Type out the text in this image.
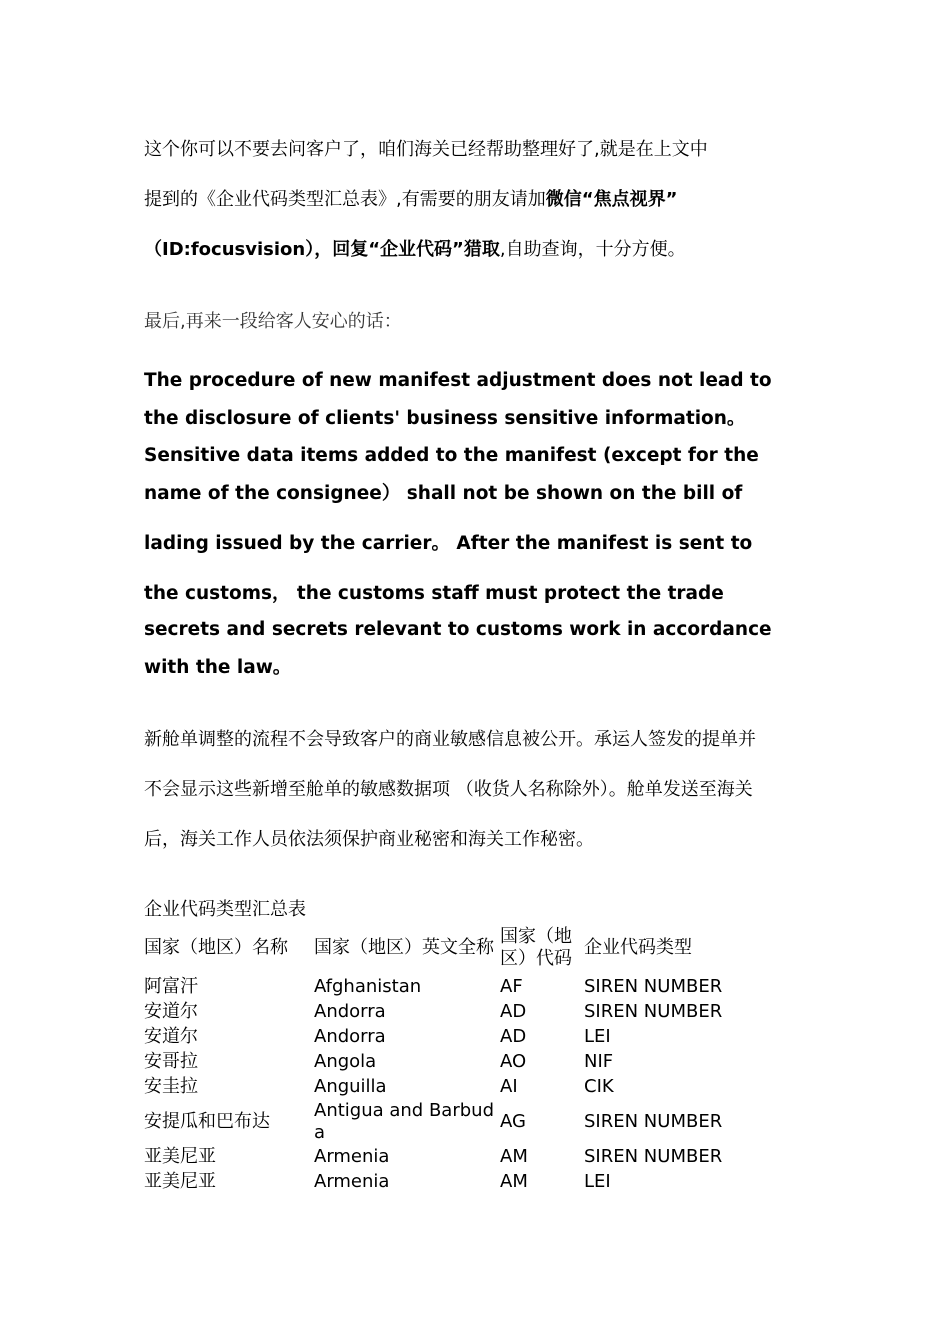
这个你可以不要去问客户了，咱们海关已经帮助整理好了,就是在上文中
提到的《企业代码类型汇总表》,有需要的朋友请加微信“焦点视界”
（ID:focusvision），回复“企业代码”猎取,自助查询，十分方便。
最后,再来一段给客人安心的话：
The procedure of new manifest adjustment does not lead to
the disclosure of clients' business sensitive information。
Sensitive data items added to the manifest (except for the
name of the consignee） shall not be shown on the bill of
lading issued by the carrier。 After the manifest is sent to
the customs， the customs staff must protect the trade
secrets and secrets relevant to customs work in accordance
with the law。
新舱单调整的流程不会导致客户的商业敏感信息被公开。承运人签发的提单并
不会显示这些新增至舱单的敏感数据项 （收货人名称除外）。舱单发送至海关
后，海关工作人员依法须保护商业秘密和海关工作秘密。
企业代码类型汇总表
国家（地区）名称	国家（地区）英文全称	国家（地区）代码	企业代码类型
阿富汗	Afghanistan	AF	SIREN NUMBER
安道尔	Andorra	AD	SIREN NUMBER
安道尔	Andorra	AD	LEI
安哥拉	Angola	AO	NIF
安圭拉	Anguilla	AI	CIK
安提瓜和巴布达	Antigua and Barbuda	AG	SIREN NUMBER
亚美尼亚	Armenia	AM	SIREN NUMBER
亚美尼亚	Armenia	AM	LEI
